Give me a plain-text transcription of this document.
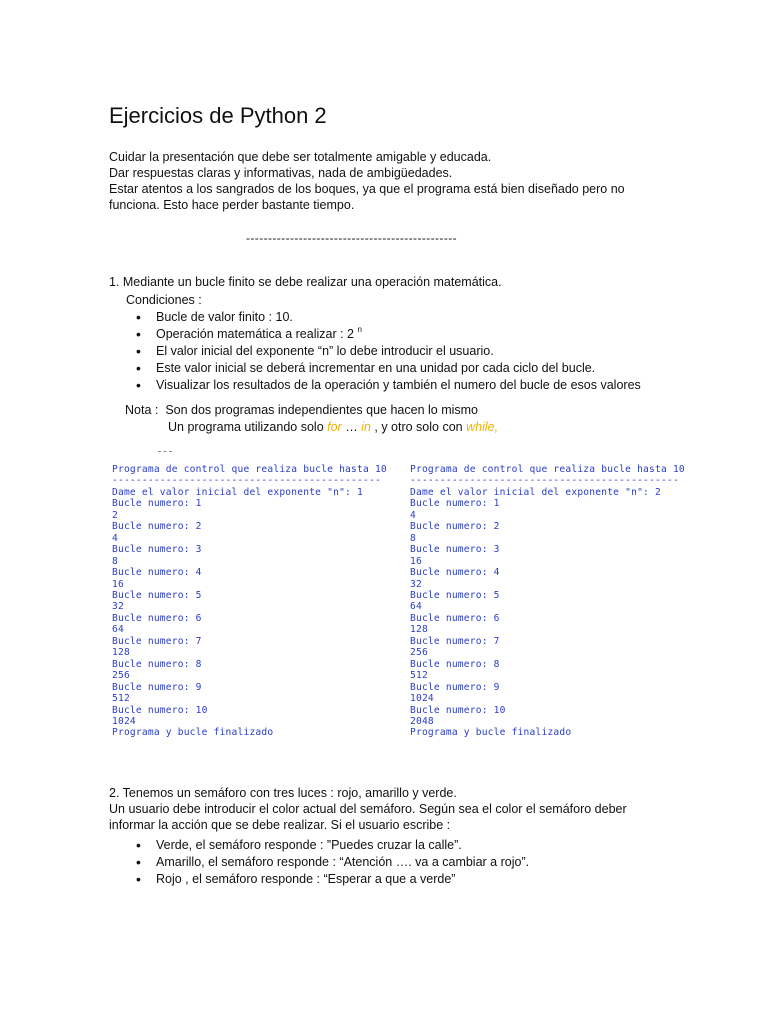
Ejercicios de Python 2
Cuidar la presentación que debe ser totalmente amigable y educada.
Dar respuestas claras y informativas, nada de ambigüedades.
Estar atentos a los sangrados de los boques, ya que el programa está bien diseñado pero no
funciona. Esto hace perder bastante tiempo.
------------------------------------------------
1. Mediante un bucle finito se debe realizar una operación matemática.
Condiciones :
• Bucle de valor finito : 10.
• Operación matemática a realizar : 2 $^n$
• El valor inicial del exponente “n” lo debe introducir el usuario.
• Este valor inicial se deberá incrementar en una unidad por cada ciclo del bucle.
• Visualizar los resultados de la operación y también el numero del bucle de esos valores
Nota : Son dos programas independientes que hacen lo mismo
Un programa utilizando solo for … in , y otro solo con while,
Programa de control que realiza bucle hasta 10
---------------------------------------------
Dame el valor inicial del exponente "n": 1
Bucle numero: 1
2
Bucle numero: 2
4
Bucle numero: 3
8
Bucle numero: 4
16
Bucle numero: 5
32
Bucle numero: 6
64
Bucle numero: 7
128
Bucle numero: 8
256
Bucle numero: 9
512
Bucle numero: 10
1024
Programa y bucle finalizado
Programa de control que realiza bucle hasta 10
---------------------------------------------
Dame el valor inicial del exponente "n": 2
Bucle numero: 1
4
Bucle numero: 2
8
Bucle numero: 3
16
Bucle numero: 4
32
Bucle numero: 5
64
Bucle numero: 6
128
Bucle numero: 7
256
Bucle numero: 8
512
Bucle numero: 9
1024
Bucle numero: 10
2048
Programa y bucle finalizado
2. Tenemos un semáforo con tres luces : rojo, amarillo y verde.
Un usuario debe introducir el color actual del semáforo. Según sea el color el semáforo deber
informar la acción que se debe realizar. Si el usuario escribe :
• Verde, el semáforo responde : ”Puedes cruzar la calle”.
• Amarillo, el semáforo responde : “Atención …. va a cambiar a rojo”.
• Rojo , el semáforo responde : “Esperar a que a verde”
